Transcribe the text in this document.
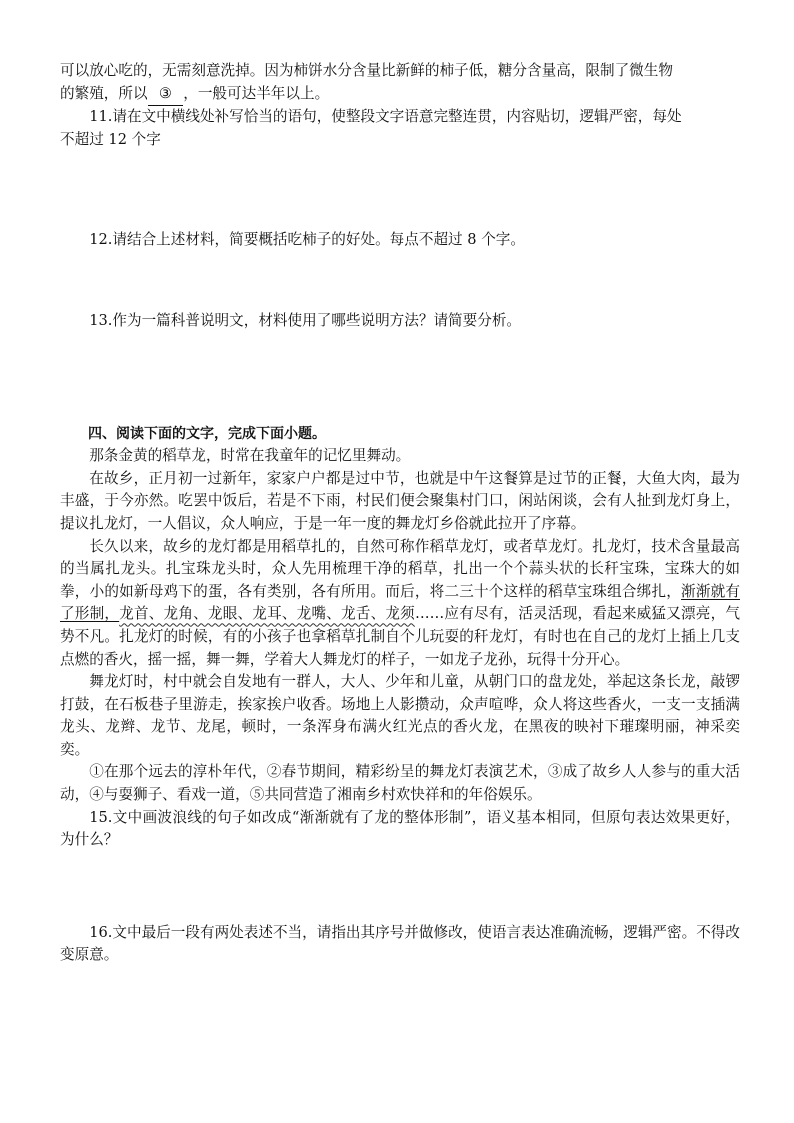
可以放心吃的，无需刻意洗掉。因为柿饼水分含量比新鲜的柿子低，糖分含量高，限制了微生物

的繁殖，所以 ③ ，一般可达半年以上。

11.请在文中横线处补写恰当的语句，使整段文字语意完整连贯，内容贴切，逻辑严密，每处

不超过 12 个字

12.请结合上述材料，简要概括吃柿子的好处。每点不超过 8 个字。

13.作为一篇科普说明文，材料使用了哪些说明方法？请简要分析。

四、阅读下面的文字，完成下面小题。

那条金黄的稻草龙，时常在我童年的记忆里舞动。

在故乡，正月初一过新年，家家户户都是过中节，也就是中午这餐算是过节的正餐，大鱼大肉，最为丰盛，于今亦然。吃罢中饭后，若是不下雨，村民们便会聚集村门口，闲站闲谈，会有人扯到龙灯身上，提议扎龙灯，一人倡议，众人响应，于是一年一度的舞龙灯乡俗就此拉开了序幕。

长久以来，故乡的龙灯都是用稻草扎的，自然可称作稻草龙灯，或者草龙灯。扎龙灯，技术含量最高的当属扎龙头。扎宝珠龙头时，众人先用梳理干净的稻草，扎出一个个蒜头状的长秆宝珠，宝珠大的如拳，小的如新母鸡下的蛋，各有类别，各有所用。而后，将二三十个这样的稻草宝珠组合绑扎，渐渐就有了形制，龙首、龙角、龙眼、龙耳、龙嘴、龙舌、龙须……应有尽有，活灵活现，看起来威猛又漂亮，气势不凡。扎龙灯的时候，有的小孩子也拿稻草扎制自个儿玩耍的秆龙灯，有时也在自己的龙灯上插上几支点燃的香火，摇一摇，舞一舞，学着大人舞龙灯的样子，一如龙子龙孙，玩得十分开心。

舞龙灯时，村中就会自发地有一群人，大人、少年和儿童，从朝门口的盘龙处，举起这条长龙，敲锣打鼓，在石板巷子里游走，挨家挨户收香。场地上人影攒动，众声喧哗，众人将这些香火，一支一支插满龙头、龙辫、龙节、龙尾，顿时，一条浑身布满火红光点的香火龙，在黑夜的映衬下璀璨明丽，神采奕奕。

①在那个远去的淳朴年代，②春节期间，精彩纷呈的舞龙灯表演艺术，③成了故乡人人参与的重大活动，④与耍狮子、看戏一道，⑤共同营造了湘南乡村欢快祥和的年俗娱乐。

15.文中画波浪线的句子如改成“渐渐就有了龙的整体形制”，语义基本相同，但原句表达效果更好，为什么？

16.文中最后一段有两处表述不当，请指出其序号并做修改，使语言表达准确流畅，逻辑严密。不得改变原意。
